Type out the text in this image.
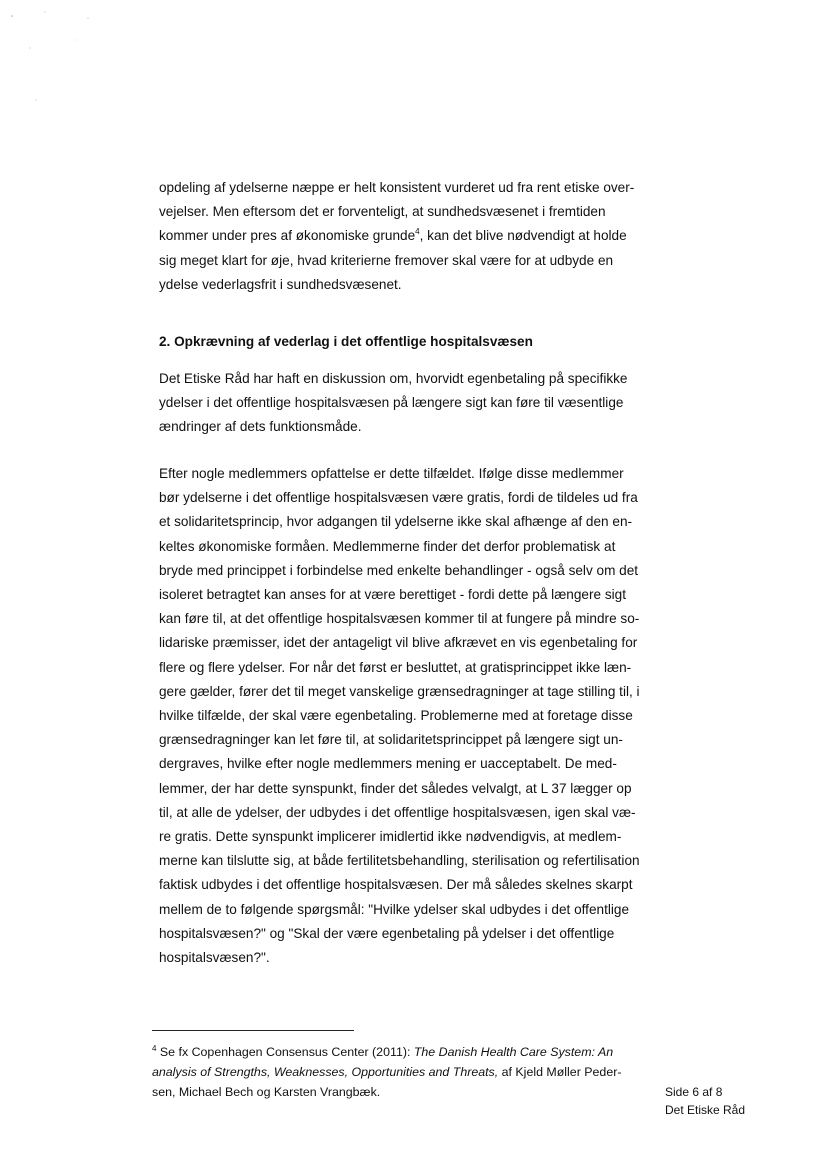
opdeling af ydelserne næppe er helt konsistent vurderet ud fra rent etiske over-
vejelser. Men eftersom det er forventeligt, at sundhedsvæsenet i fremtiden
kommer under pres af økonomiske grunde$^4$, kan det blive nødvendigt at holde
sig meget klart for øje, hvad kriterierne fremover skal være for at udbyde en
ydelse vederlagsfrit i sundhedsvæsenet.
2. Opkrævning af vederlag i det offentlige hospitalsvæsen
Det Etiske Råd har haft en diskussion om, hvorvidt egenbetaling på specifikke
ydelser i det offentlige hospitalsvæsen på længere sigt kan føre til væsentlige
ændringer af dets funktionsmåde.
Efter nogle medlemmers opfattelse er dette tilfældet. Ifølge disse medlemmer
bør ydelserne i det offentlige hospitalsvæsen være gratis, fordi de tildeles ud fra
et solidaritetsprincip, hvor adgangen til ydelserne ikke skal afhænge af den en-
keltes økonomiske formåen. Medlemmerne finder det derfor problematisk at
bryde med princippet i forbindelse med enkelte behandlinger - også selv om det
isoleret betragtet kan anses for at være berettiget - fordi dette på længere sigt
kan føre til, at det offentlige hospitalsvæsen kommer til at fungere på mindre so-
lidariske præmisser, idet der antageligt vil blive afkrævet en vis egenbetaling for
flere og flere ydelser. For når det først er besluttet, at gratisprincippet ikke læn-
gere gælder, fører det til meget vanskelige grænsedragninger at tage stilling til, i
hvilke tilfælde, der skal være egenbetaling. Problemerne med at foretage disse
grænsedragninger kan let føre til, at solidaritetsprincippet på længere sigt un-
dergraves, hvilke efter nogle medlemmers mening er uacceptabelt. De med-
lemmer, der har dette synspunkt, finder det således velvalgt, at L 37 lægger op
til, at alle de ydelser, der udbydes i det offentlige hospitalsvæsen, igen skal væ-
re gratis. Dette synspunkt implicerer imidlertid ikke nødvendigvis, at medlem-
merne kan tilslutte sig, at både fertilitetsbehandling, sterilisation og refertilisation
faktisk udbydes i det offentlige hospitalsvæsen. Der må således skelnes skarpt
mellem de to følgende spørgsmål: "Hvilke ydelser skal udbydes i det offentlige
hospitalsvæsen?" og "Skal der være egenbetaling på ydelser i det offentlige
hospitalsvæsen?".
$^4$ Se fx Copenhagen Consensus Center (2011): The Danish Health Care System: An
analysis of Strengths, Weaknesses, Opportunities and Threats, af Kjeld Møller Peder-
sen, Michael Bech og Karsten Vrangbæk.	Side 6 af 8
Det Etiske Råd
